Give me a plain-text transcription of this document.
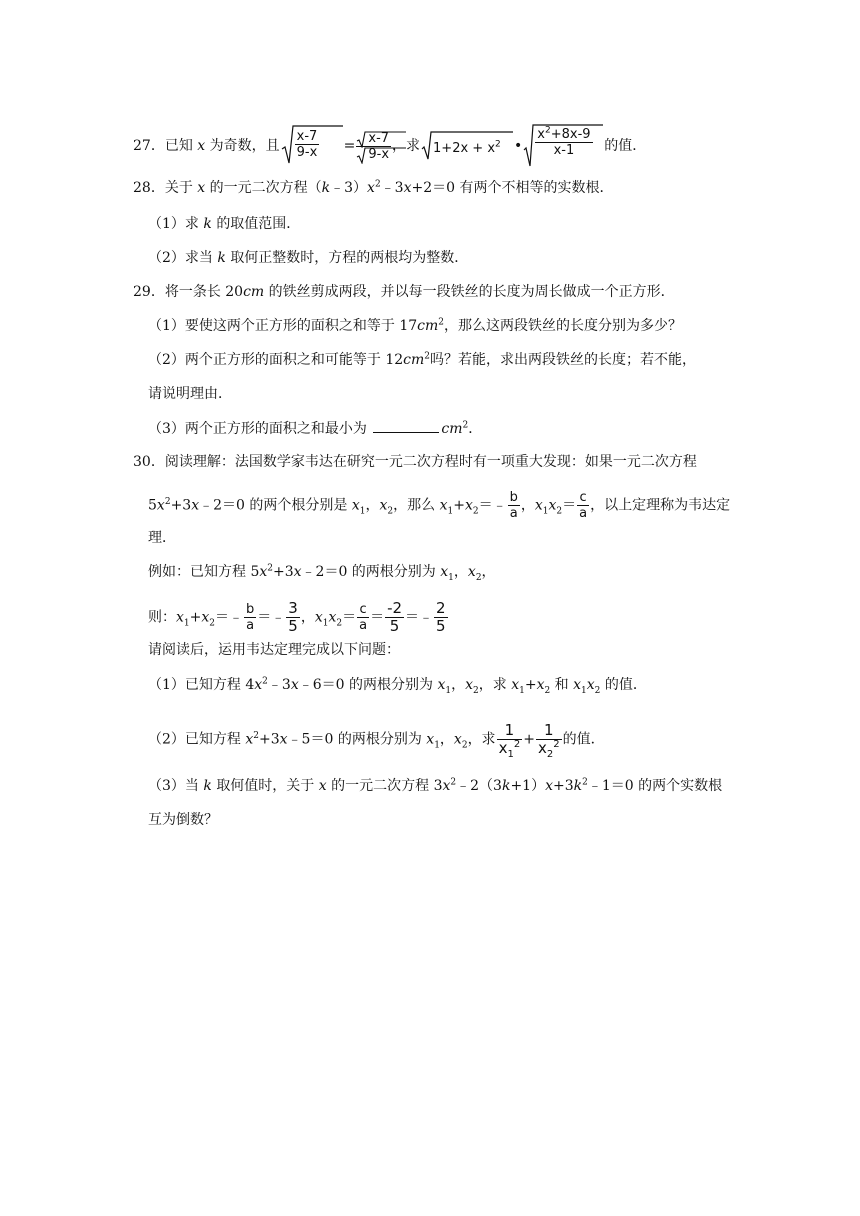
27．已知 x 为奇数，且 $\frac{x-7}{9-x} = \frac{x-7}{9-x}$ ，求 $1+2x + x^2$ • $\frac{x^2+8x-9}{x-1}$ 的值．
28．关于 x 的一元二次方程$(k﹣3)x^2﹣3x+2=0$ 有两个不相等的实数根．
（1）求 k 的取值范围．
（2）求当 k 取何正整数时，方程的两根均为整数．
29．将一条长 20cm 的铁丝剪成两段，并以每一段铁丝的长度为周长做成一个正方形．
（1）要使这两个正方形的面积之和等于 $17cm^2$，那么这两段铁丝的长度分别为多少？
（2）两个正方形的面积之和可能等于 $12cm^2$吗？若能，求出两段铁丝的长度；若不能，
请说明理由．
（3）两个正方形的面积之和最小为	$cm^2$．
30．阅读理解：法国数学家韦达在研究一元二次方程时有一项重大发现：如果一元二次方程
$5x^2+3x﹣2=0$ 的两个根分别是 $x_1$，$x_2$，那么 $x_1+x_2=﹣ \frac{b}{a}$ ，$x_1x_2= \frac{c}{a}$ ，以上定理称为韦达定
理．
例如：已知方程 $5x^2+3x﹣2=0$ 的两根分别为 $x_1$，$x_2$，
则：$x_1+x_2=﹣ \frac{b}{a}$ ＝﹣ $\frac{3}{5}$ ，$x_1x_2= \frac{c}{a} = \frac{-2}{5}$ ＝﹣ $\frac{2}{5}$
请阅读后，运用韦达定理完成以下问题：
（1）已知方程 $4x^2﹣3x﹣6=0$ 的两根分别为 $x_1$，$x_2$，求 $x_1+x_2$ 和 $x_1x_2$ 的值．
（2）已知方程 $x^2+3x﹣5=0$ 的两根分别为 $x_1$，$x_2$，求 $\frac{1}{x_1^2} + \frac{1}{x_2^2}$ 的值．
（3）当 k 取何值时，关于 x 的一元二次方程 $3x^2﹣2(3k+1)x+3k^2﹣1=0$ 的两个实数根
互为倒数？
